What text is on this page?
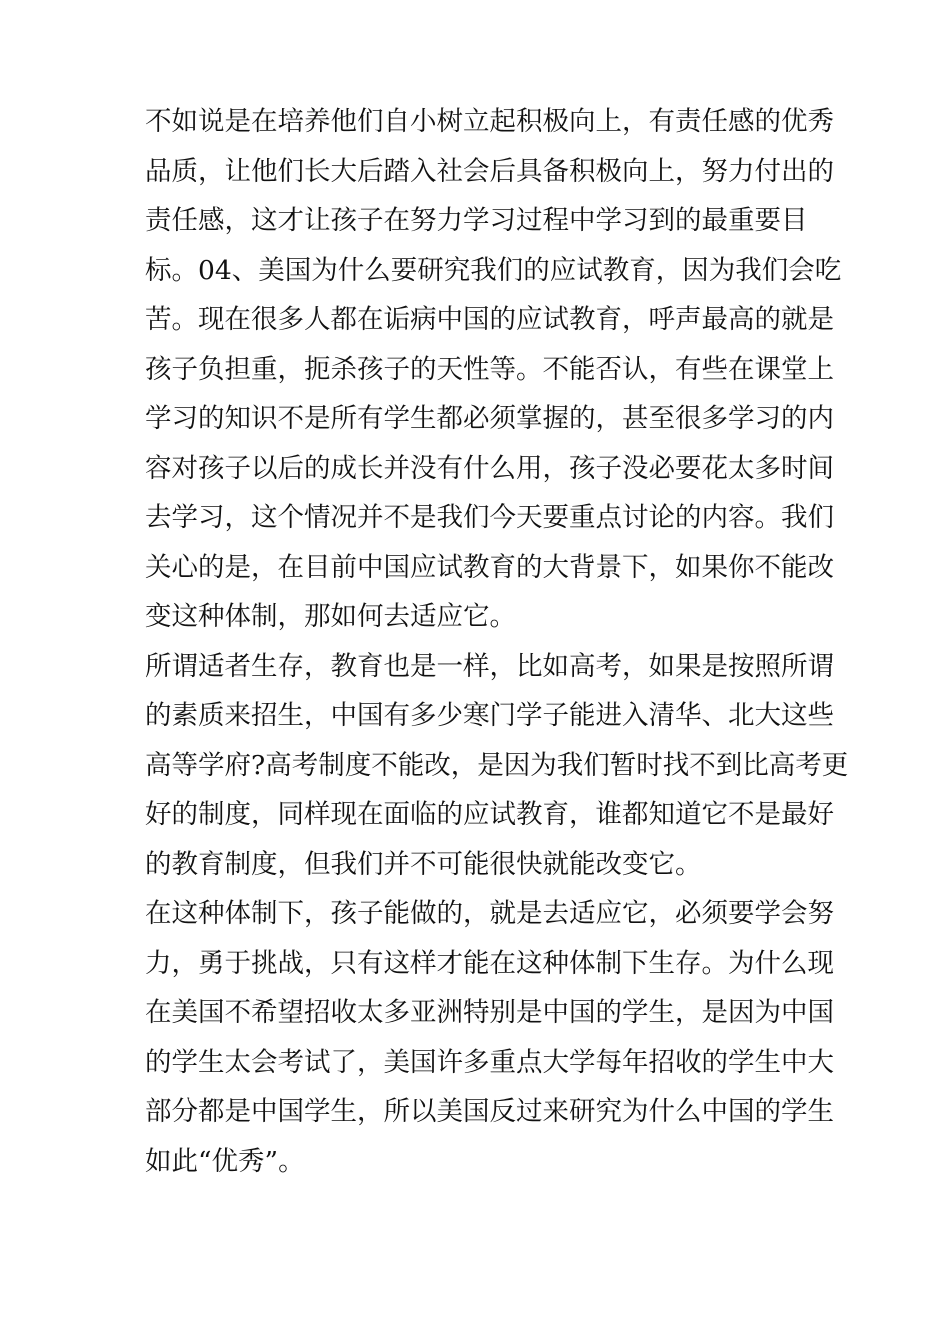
不如说是在培养他们自小树立起积极向上，有责任感的优秀
品质，让他们长大后踏入社会后具备积极向上，努力付出的
责任感，这才让孩子在努力学习过程中学习到的最重要目
标。04、美国为什么要研究我们的应试教育，因为我们会吃
苦。现在很多人都在诟病中国的应试教育，呼声最高的就是
孩子负担重，扼杀孩子的天性等。不能否认，有些在课堂上
学习的知识不是所有学生都必须掌握的，甚至很多学习的内
容对孩子以后的成长并没有什么用，孩子没必要花太多时间
去学习，这个情况并不是我们今天要重点讨论的内容。我们
关心的是，在目前中国应试教育的大背景下，如果你不能改
变这种体制，那如何去适应它。
所谓适者生存，教育也是一样，比如高考，如果是按照所谓
的素质来招生，中国有多少寒门学子能进入清华、北大这些
高等学府?高考制度不能改，是因为我们暂时找不到比高考更
好的制度，同样现在面临的应试教育，谁都知道它不是最好
的教育制度，但我们并不可能很快就能改变它。
在这种体制下，孩子能做的，就是去适应它，必须要学会努
力，勇于挑战，只有这样才能在这种体制下生存。为什么现
在美国不希望招收太多亚洲特别是中国的学生，是因为中国
的学生太会考试了，美国许多重点大学每年招收的学生中大
部分都是中国学生，所以美国反过来研究为什么中国的学生
如此“优秀”。
